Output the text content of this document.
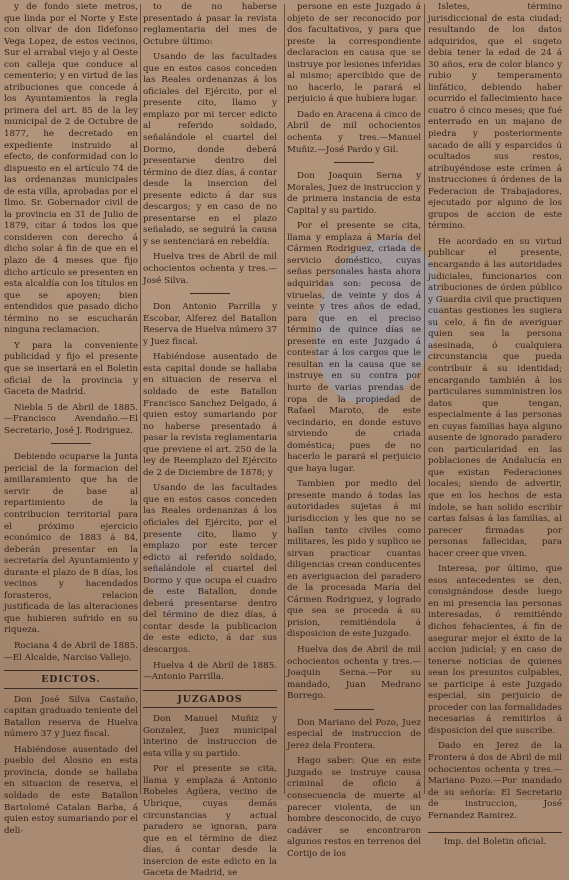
y de fondo siete metros, que linda por el Norte y Este con olivar de don Ildefonso Vega Lopez, de estos vecinos, Sur el arrabal viejo y al Oeste con calleja que conduce al cementerio; y en virtud de las atribuciones que concede á los Ayuntamientos la regla primera del art. 85 de la ley municipal de 2 de Octubre de 1877, he decretado en expediente instruido al efecto, de conformidad con lo dispuesto en el artículo 74 de las ordenanzas municipales de esta villa, aprobadas por el Ilmo. Sr. Gobernador civil de la provincia en 31 de Julio de 1879, citar á todos los que consideren con derecho á dicho solar á fin de que en el plazo de 4 meses que fijo dicho artículo se presenten en esta alcaldía con los títulos en que se apoyen; bien entendidos que pasado dicho término no se escucharán ninguna reclamacion.

Y para la conveniente publicidad y fijo el presente que se insertará en el Boletin oficial de la provincia y Gaceta de Madrid.

Niebla 5 de Abril de 1885. —Francisco Avendaño.—El Secretario, José J. Rodriguez.

Debiendo ocuparse la Junta pericial de la formacion del amillaramiento que ha de servir de base al repartimiento de la contribucion territorial para el próximo ejercicio económico de 1883 á 84, deberán presentar en la secretaría del Ayuntamiento y durante el plazo de 8 días, los vecinos y hacendados forasteros, relacion justificada de las alteraciones que hubieren sufrido en su riqueza.

Rociana 4 de Abril de 1885.—El Alcalde, Narciso Vallejo.

EDICTOS.

Don José Silva Castaño, capitan graduado teniente del Batallon reserva de Huelva número 37 y Juez fiscal.

Habiéndose ausentado del pueblo del Alosno en esta provincia, donde se hallaba en situacion de reserva, el soldado de este Batallon Bartolomé Catalan Barba, á quien estoy sumariando por el deli-

to de no haberse presentado á pasar la revista reglamentaria del mes de Octubre último:

Usando de las facultades que en estos casos conceden las Reales ordenanzas á los oficiales del Ejército, por el presente cito, llamo y emplazo por mi tercer edicto al referido soldado, señalándole el cuartel del Dormo, donde deberá presentarse dentro del término de diez días, á contar desde la insercion del presente edicto á dar sus descargos; y en caso de no presentarse en el plazo señalado, se seguirá la causa y se sentenciará en rebeldía.

Huelva tres de Abril de mil ochocientos ochenta y tres.—José Silva.

Don Antonio Parrilla y Escobar, Alferez del Batallon Reserva de Huelva número 37 y Juez fiscal.

Habiéndose ausentado de esta capital donde se hallaba en situacion de reserva el soldado de este Batallon Francisco Sanchez Delgado, á quien estoy sumariando por no haberse presentado á pasar la revista reglamentaria que previene el art. 250 de la ley de Reemplazo del Ejército de 2 de Diciembre de 1878; y

Usando de las facultades que en estos casos conceden las Reales ordenanzas á los oficiales del Ejército, por el presente cito, llamo y emplazo por este tercer edicto al referido soldado, señalándole el cuartel del Dormo y que ocupa el cuadro de este Batallon, donde deberá presentarse dentro del término de diez días, á contar desde la publicacion de este edicto, á dar sus descargos.

Huelva 4 de Abril de 1885. —Antonio Parrilla.

JUZGADOS

Don Manuel Muñiz y Gonzalez, Juez municipal interino de instruccion de esta villa y su partido.

Por el presente se cita, llama y emplaza á Antonio Robeles Agüera, vecino de Ubrique, cuyas demás circunstancias y actual paradero se ignoran, para que en el término de diez días, á contar desde la insercion de este edicto en la Gaceta de Madrid, se

persone en este Juzgado á objeto de ser reconocido por dos facultativos, y para que preste la correspondiente declaracion en causa que se instruye por lesiones inferidas al mismo; apercibido que de no hacerlo, le parará el perjuicio á que hubiera lugar.

Dado en Aracena á cinco de Abril de mil ochocientos ochenta y tres.—Manuel Muñiz.—José Pardo y Gil.

Don Joaquin Serna y Morales, Juez de instruccion y de primera instancia de esta Capital y su partido.

Por el presente se cita, llama y emplaza á María del Cármen Rodriguez, criada de servicio doméstico, cuyas señas personales hasta ahora adquiridas son: pecosa de viruelas, de veinte y dos á veinte y tres años de edad, para que en el preciso término de quince días se presente en este Juzgado á contestar á los cargos que le resultan en la causa que se instruye en su contra por hurto de varias prendas de ropa de la propiedad de Rafael Maroto, de este vecindario, en donde estuvo sirviendo de criada doméstica; pues de no hacerlo le parará el perjuicio que haya lugar.

Tambien por medio del presente mando á todas las autoridades sujetas á mi jurisdiccion y les que no se hallan tanto civiles como militares, les pido y suplico se sirvan practicar cuantas diligencias crean conducentes en averiguacion del paradero de la procesada María del Cármen Rodriguez, y logrado que sea se proceda á su prision, remitiéndola á disposicion de este Juzgado.

Huelva dos de Abril de mil ochocientos ochenta y tres.—Joaquin Serna.—Por su mandado, Juan Medrano Borrego.

Don Mariano del Pozo, Juez especial de instruccion de Jerez dela Frontera.

Hago saber: Que en este Juzgado se instruye causa criminal de oficio á consecuencia de muerte al parecer violenta, de un hombre desconocido, de cuyo cadáver se encontraron algunos restos en terrenos del Cortijo de los

Isletes, término jurisdiccional de esta ciudad; resultando de los datos adquiridos, que el sugeto debia tener la edad de 24 á 30 años, era de color blanco y rubio y temperamento linfático, debiendo haber ocurrido el fallecimiento hace cuatro ó cinco meses; que fué enterrado en un majano de piedra y posteriormente sacado de allí y esparcidos ú ocultados sus restos, atribuyéndose este crímen á instrucciones ú órdenes de la Federacion de Trabajadores, ejecutado por alguno de los grupos de accion de este término.

He acordado en su virtud publicar el presente, encargando á las autoridades judiciales, funcionarios con atribuciones de órden público y Guardia civil que practiquen cuantas gestiones les sugiera su celo, á fin de averiguar quien sea la persona asesinada, ó cualquiera circunstancia que pueda contribuir á su identidad; encargando también á los particulares sumministren los datos que tengan, especialmente á las personas en cuyas familias haya alguno ausente de ignorado paradero con particularidad en las poblaciones de Andalucía en que existan Federaciones locales; siendo de advertir, que en los hechos de esta índole, se han solido escribir cartas falsas á las familias, al parecer firmadas por personas fallecidas, para hacer creer que viven.

Interesa, por último, que esos antecedentes se den, consignándose desde luego en mi presencia las personas interesadas, ó remitiéndo dichos fehacientes, á fin de asegurar mejor el éxito de la accion judicial; y en caso de tenerse noticias de quienes sean los presuntos culpables, se participe á este Juzgado especial, sin perjuicio de proceder con las formalidades necesarias á remitirlos á disposicion del que suscribe.

Dado en Jerez de la Frontera á dos de Abril de mil ochocientos ochenta y tres.—Mariano Pozo.—Por mandado de su señoría: El Secretario de instruccion, José Fernandez Ramirez.

Imp. del Boletin oficial.
